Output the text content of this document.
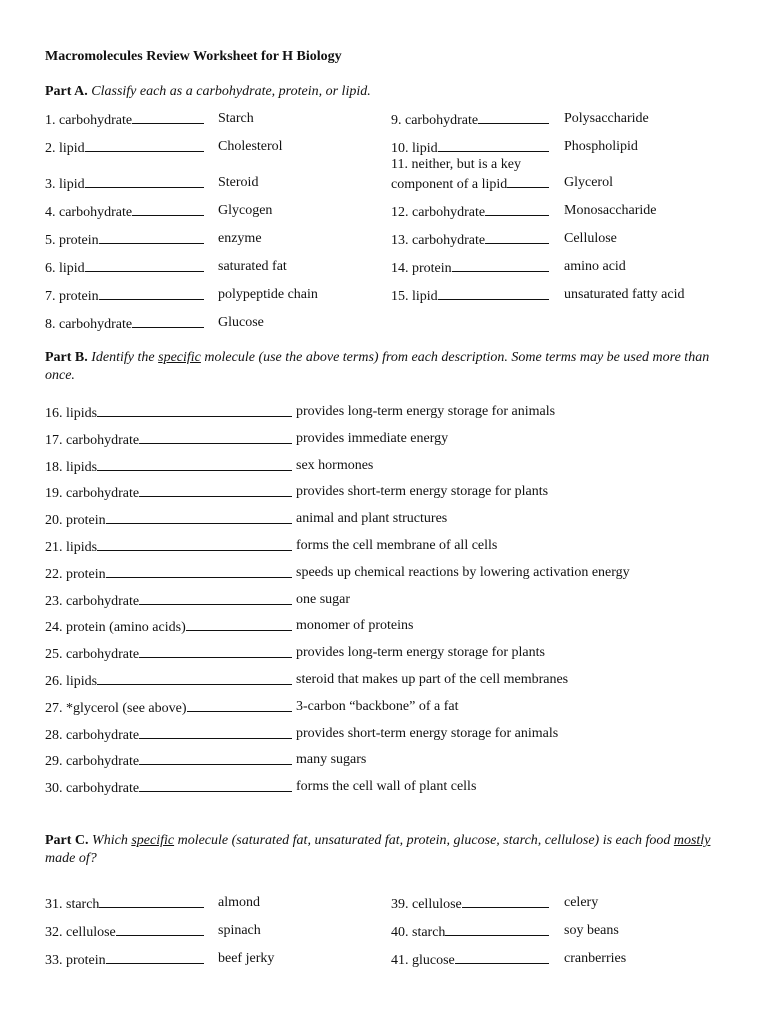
Macromolecules Review Worksheet for H Biology
Part A. Classify each as a carbohydrate, protein, or lipid.
1. carbohydrate	Starch
2. lipid	Cholesterol
3. lipid	Steroid
4. carbohydrate	Glycogen
5. protein	enzyme
6. lipid	saturated fat
7. protein	polypeptide chain
8. carbohydrate	Glucose
9. carbohydrate	Polysaccharide
10. lipid	Phospholipid
11. neither, but is a key
component of a lipid	Glycerol
12. carbohydrate	Monosaccharide
13. carbohydrate	Cellulose
14. protein	amino acid
15. lipid	unsaturated fatty acid
Part B. Identify the specific molecule (use the above terms) from each description. Some terms may be used more than once.
16. lipids	provides long-term energy storage for animals
17. carbohydrate	provides immediate energy
18. lipids	sex hormones
19. carbohydrate	provides short-term energy storage for plants
20. protein	animal and plant structures
21. lipids	forms the cell membrane of all cells
22. protein	speeds up chemical reactions by lowering activation energy
23. carbohydrate	one sugar
24. protein (amino acids)	monomer of proteins
25. carbohydrate	provides long-term energy storage for plants
26. lipids	steroid that makes up part of the cell membranes
27. *glycerol (see above)	3-carbon “backbone” of a fat
28. carbohydrate	provides short-term energy storage for animals
29. carbohydrate	many sugars
30. carbohydrate	forms the cell wall of plant cells
Part C. Which specific molecule (saturated fat, unsaturated fat, protein, glucose, starch, cellulose) is each food mostly made of?
31. starch	almond
32. cellulose	spinach
33. protein	beef jerky
39. cellulose	celery
40. starch	soy beans
41. glucose	cranberries
